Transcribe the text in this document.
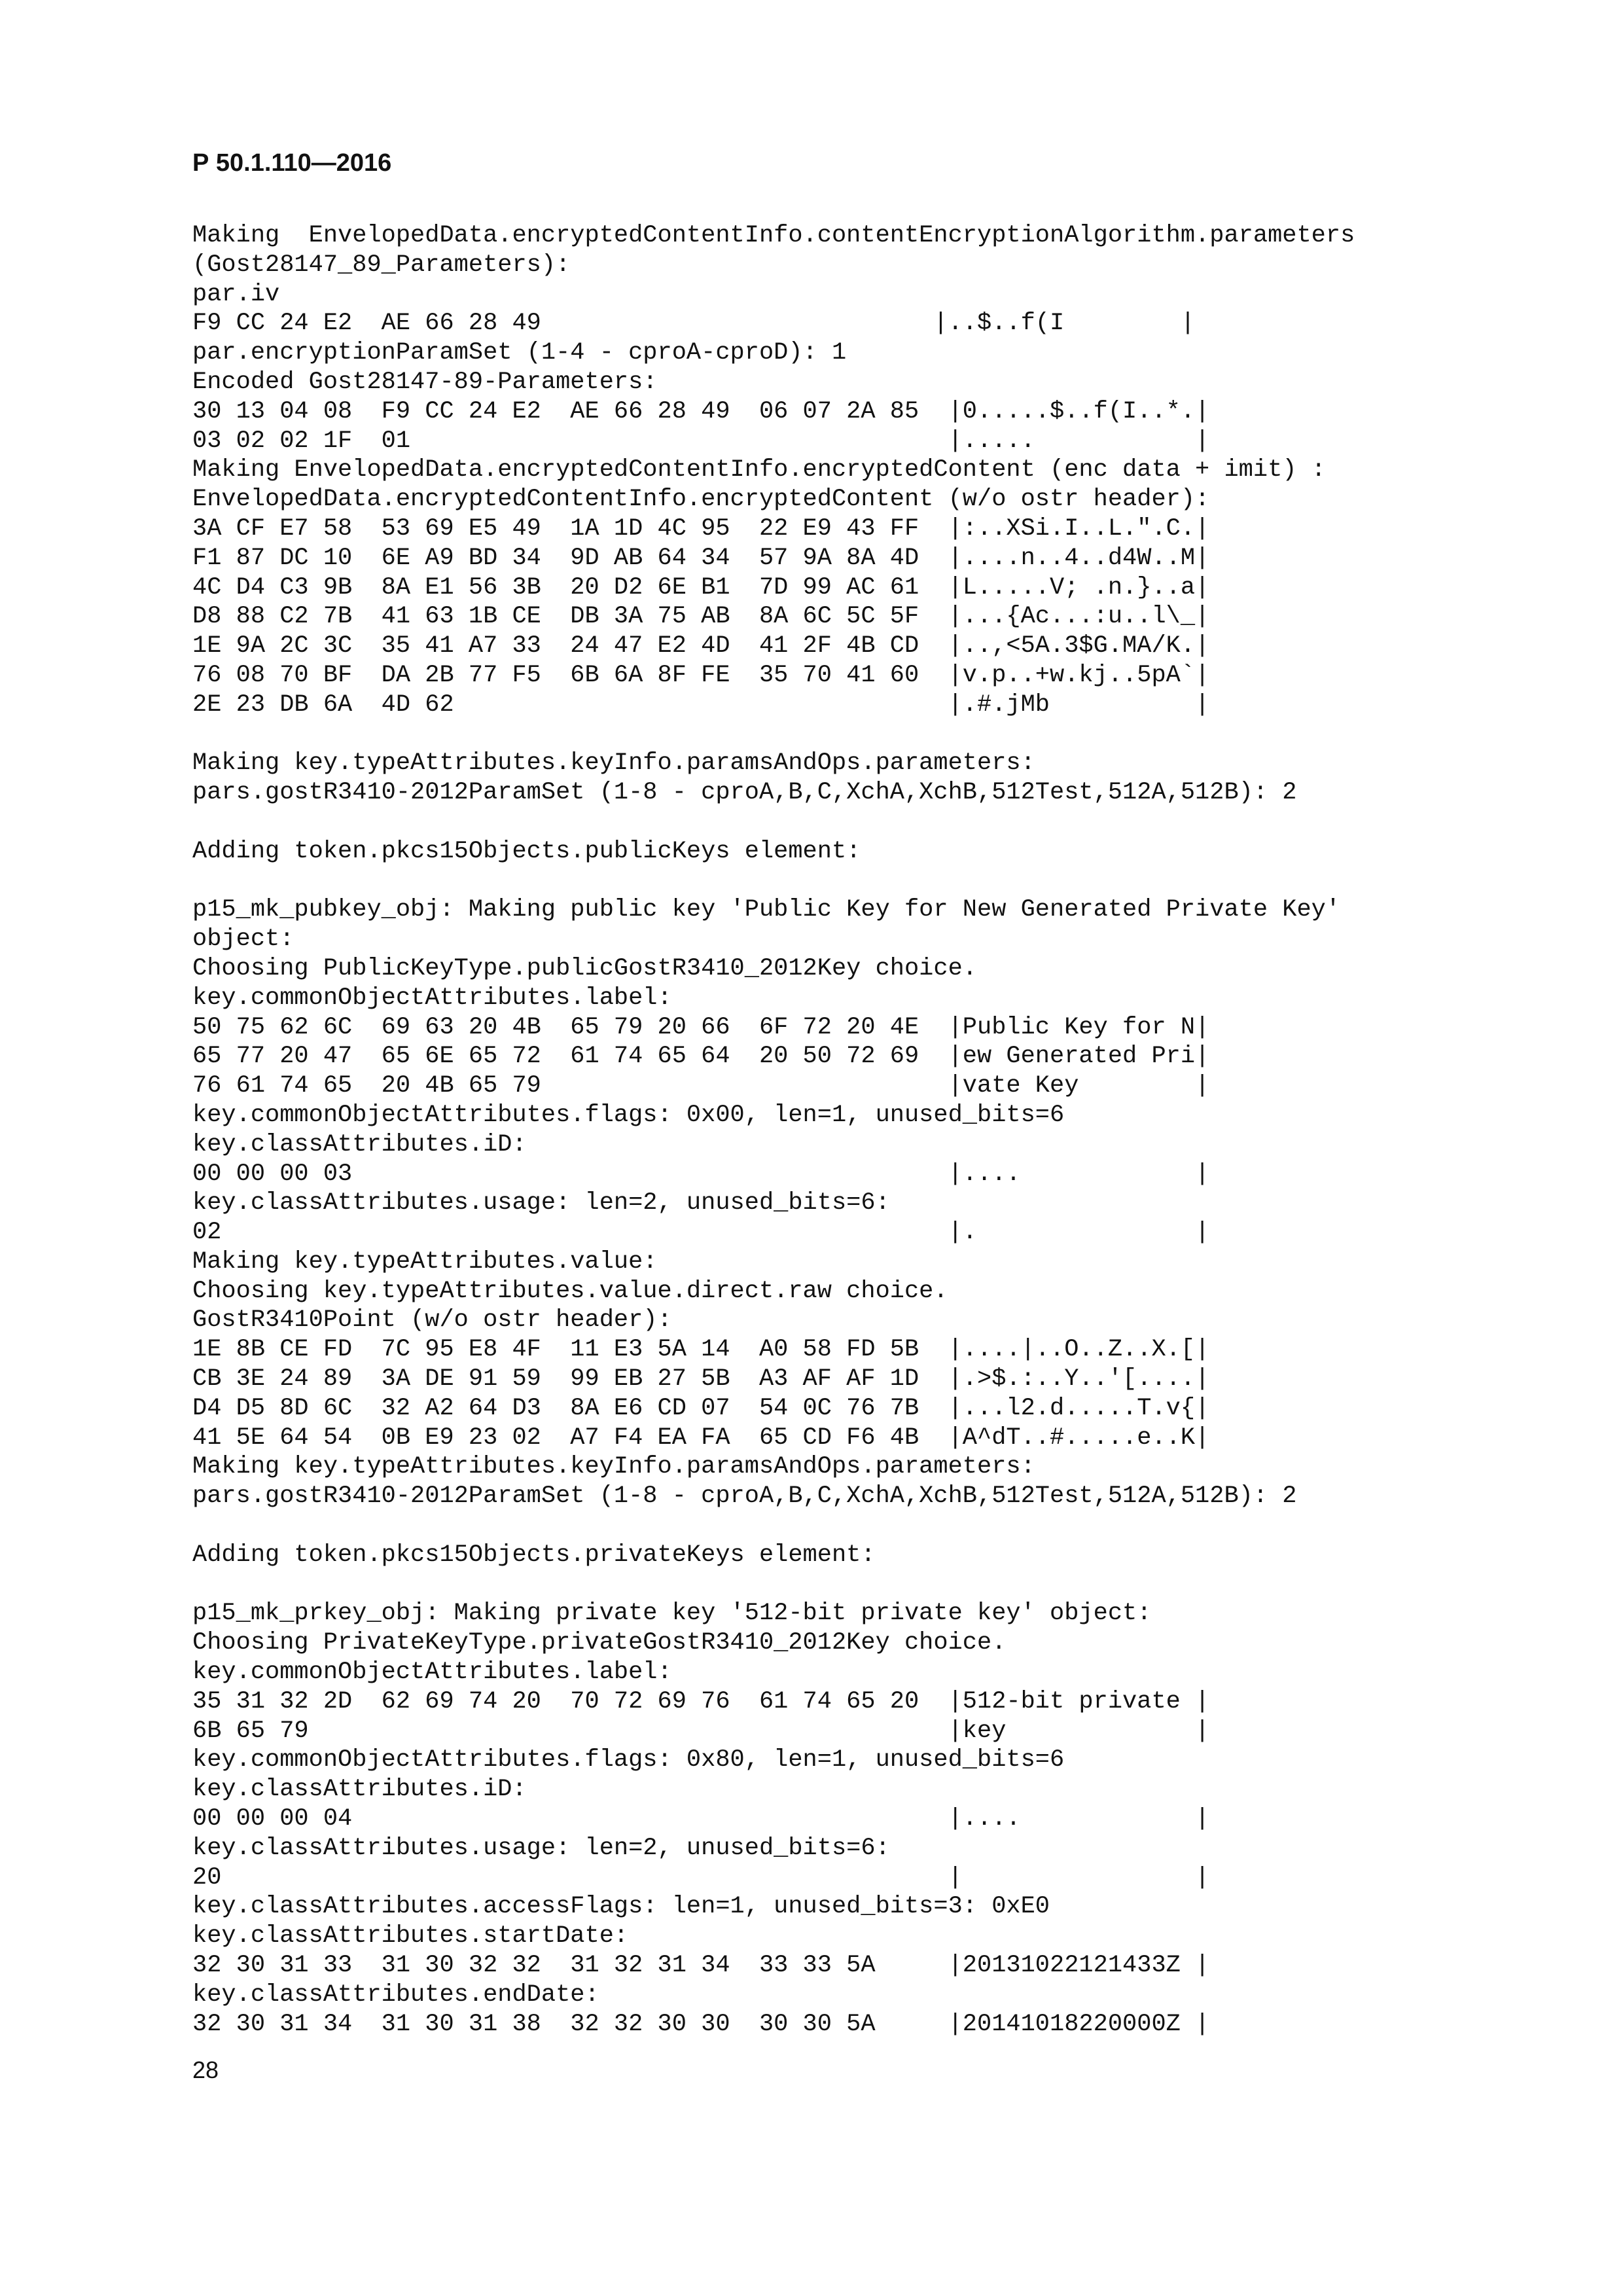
Р 50.1.110—2016
Making  EnvelopedData.encryptedContentInfo.contentEncryptionAlgorithm.parameters
(Gost28147_89_Parameters):
par.iv
F9 CC 24 E2  AE 66 28 49                           |..$..f(I        |
par.encryptionParamSet (1-4 - cproA-cproD): 1
Encoded Gost28147-89-Parameters:
30 13 04 08  F9 CC 24 E2  AE 66 28 49  06 07 2A 85  |0.....$..f(I..*.|
03 02 02 1F  01                                     |.....           |
Making EnvelopedData.encryptedContentInfo.encryptedContent (enc data + imit) :
EnvelopedData.encryptedContentInfo.encryptedContent (w/o ostr header):
3A CF E7 58  53 69 E5 49  1A 1D 4C 95  22 E9 43 FF  |:..XSi.I..L.".C.|
F1 87 DC 10  6E A9 BD 34  9D AB 64 34  57 9A 8A 4D  |....n..4..d4W..M|
4C D4 C3 9B  8A E1 56 3B  20 D2 6E B1  7D 99 AC 61  |L.....V; .n.}..a|
D8 88 C2 7B  41 63 1B CE  DB 3A 75 AB  8A 6C 5C 5F  |...{Ac...:u..l\_|
1E 9A 2C 3C  35 41 A7 33  24 47 E2 4D  41 2F 4B CD  |..,<5A.3$G.MA/K.|
76 08 70 BF  DA 2B 77 F5  6B 6A 8F FE  35 70 41 60  |v.p..+w.kj..5pA`|
2E 23 DB 6A  4D 62                                  |.#.jMb          |
Making key.typeAttributes.keyInfo.paramsAndOps.parameters:
pars.gostR3410-2012ParamSet (1-8 - cproA,B,C,XchA,XchB,512Test,512A,512B): 2
Adding token.pkcs15Objects.publicKeys element:
p15_mk_pubkey_obj: Making public key 'Public Key for New Generated Private Key'
object:
Choosing PublicKeyType.publicGostR3410_2012Key choice.
key.commonObjectAttributes.label:
50 75 62 6C  69 63 20 4B  65 79 20 66  6F 72 20 4E  |Public Key for N|
65 77 20 47  65 6E 65 72  61 74 65 64  20 50 72 69  |ew Generated Pri|
76 61 74 65  20 4B 65 79                            |vate Key        |
key.commonObjectAttributes.flags: 0x00, len=1, unused_bits=6
key.classAttributes.iD:
00 00 00 03                                         |....            |
key.classAttributes.usage: len=2, unused_bits=6:
02                                                  |.               |
Making key.typeAttributes.value:
Choosing key.typeAttributes.value.direct.raw choice.
GostR3410Point (w/o ostr header):
1E 8B CE FD  7C 95 E8 4F  11 E3 5A 14  A0 58 FD 5B  |....|..O..Z..X.[|
CB 3E 24 89  3A DE 91 59  99 EB 27 5B  A3 AF AF 1D  |.>$.:..Y..'[....|
D4 D5 8D 6C  32 A2 64 D3  8A E6 CD 07  54 0C 76 7B  |...l2.d.....T.v{|
41 5E 64 54  0B E9 23 02  A7 F4 EA FA  65 CD F6 4B  |A^dT..#.....e..K|
Making key.typeAttributes.keyInfo.paramsAndOps.parameters:
pars.gostR3410-2012ParamSet (1-8 - cproA,B,C,XchA,XchB,512Test,512A,512B): 2
Adding token.pkcs15Objects.privateKeys element:
p15_mk_prkey_obj: Making private key '512-bit private key' object:
Choosing PrivateKeyType.privateGostR3410_2012Key choice.
key.commonObjectAttributes.label:
35 31 32 2D  62 69 74 20  70 72 69 76  61 74 65 20  |512-bit private |
6B 65 79                                            |key             |
key.commonObjectAttributes.flags: 0x80, len=1, unused_bits=6
key.classAttributes.iD:
00 00 00 04                                         |....            |
key.classAttributes.usage: len=2, unused_bits=6:
20                                                  |                |
key.classAttributes.accessFlags: len=1, unused_bits=3: 0xE0
key.classAttributes.startDate:
32 30 31 33  31 30 32 32  31 32 31 34  33 33 5A     |20131022121433Z |
key.classAttributes.endDate:
32 30 31 34  31 30 31 38  32 32 30 30  30 30 5A     |20141018220000Z |
28
